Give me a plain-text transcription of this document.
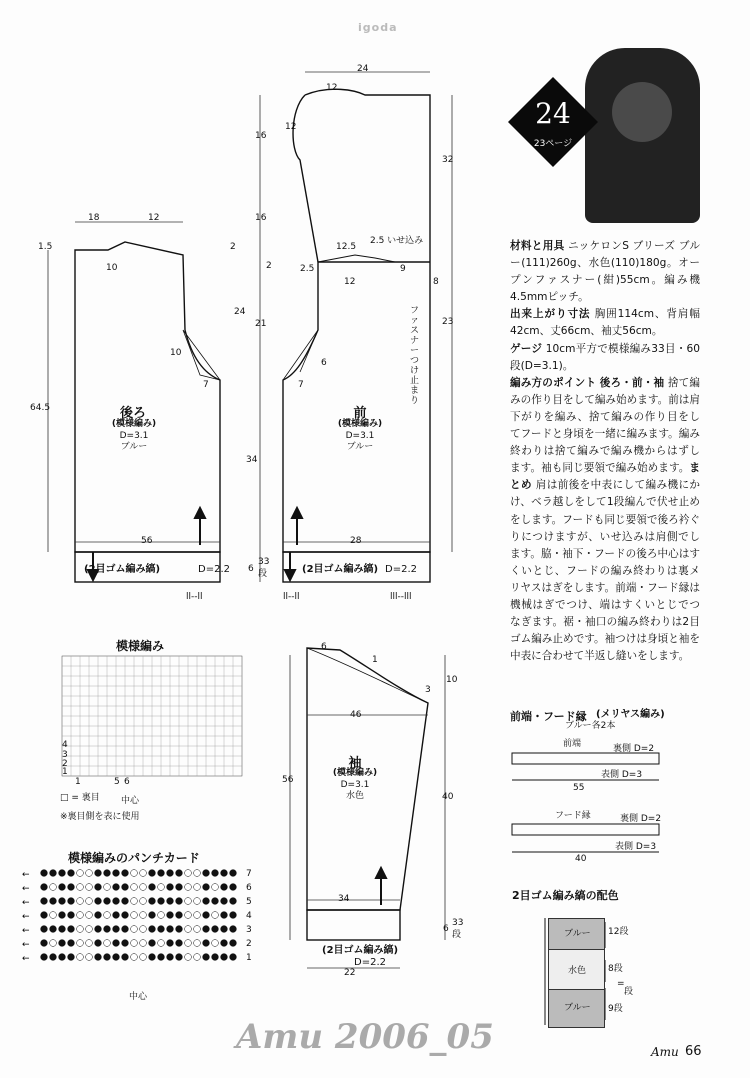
igoda
←
←
←
←
←
←
←
24
23ページ

材料と用具 ニッケロンS ブリーズ ブルー(111)260g、水色(110)180g。オープンファスナー(紺)55cm。編み機4.5mmピッチ。

出来上がり寸法 胸囲114cm、背肩幅42cm、丈66cm、袖丈56cm。

ゲージ 10cm平方で模様編み33目・60段(D=3.1)。

編み方のポイント 後ろ・前・袖 捨て編みの作り目をして編み始めます。前は肩下がりを編み、捨て編みの作り目をしてフードと身頃を一緒に編みます。編み終わりは捨て編みで編み機からはずします。袖も同じ要領で編み始めます。まとめ 肩は前後を中表にして編み機にかけ、ベラ越しをして1段編んで伏せ止めをします。フードも同じ要領で後ろ衿ぐりにつけますが、いせ込みは肩側でします。脇・袖下・フードの後ろ中心はすくいとじ、フードの編み終わりは裏メリヤスはぎをします。前端・フード縁は機械はぎでつけ、端はすくいとじでつなぎます。裾・袖口の編み終わりは2目ゴム編み止めです。袖つけは身頃と袖を中表に合わせて半返し縫いをします。

18	12
1.5
10
10
7
64.5
56
後ろ
(模様編み)
D=3.1
ブルー
(2目ゴム編み縞)	D=2.2
ll--ll
16
16
2
2
24
21
34
6
33
段
24
12
12
12.5
2.5 いせ込み
2.5
12
9
8
6
7
28
23
32
ファスナーつけ止まり
前
(模様編み)
D=3.1
ブルー
(2目ゴム編み縞) D=2.2
ll--ll	lll--lll
6
1
3
10
46
56
40
34
22
6
33
段
袖
(模様編み)
D=3.1
水色
(2目ゴム編み縞)
D=2.2
模様編み
4
3
2
1
1	5 6
□ = 裏目 中心
※裏目側を表に使用
模様編みのパンチカード
7
6
5
4
3
2
1
中心
前端・フード縁 (メリヤス編み)
ブルー各2本
前端	裏側 D=2
表側 D=3
55
フード縁	裏側 D=2
表側 D=3
40
2目ゴム編み縞の配色
ブルー
水色
ブルー
12段
8段
9段
段
=
Amu 2006_05	Amu 66
